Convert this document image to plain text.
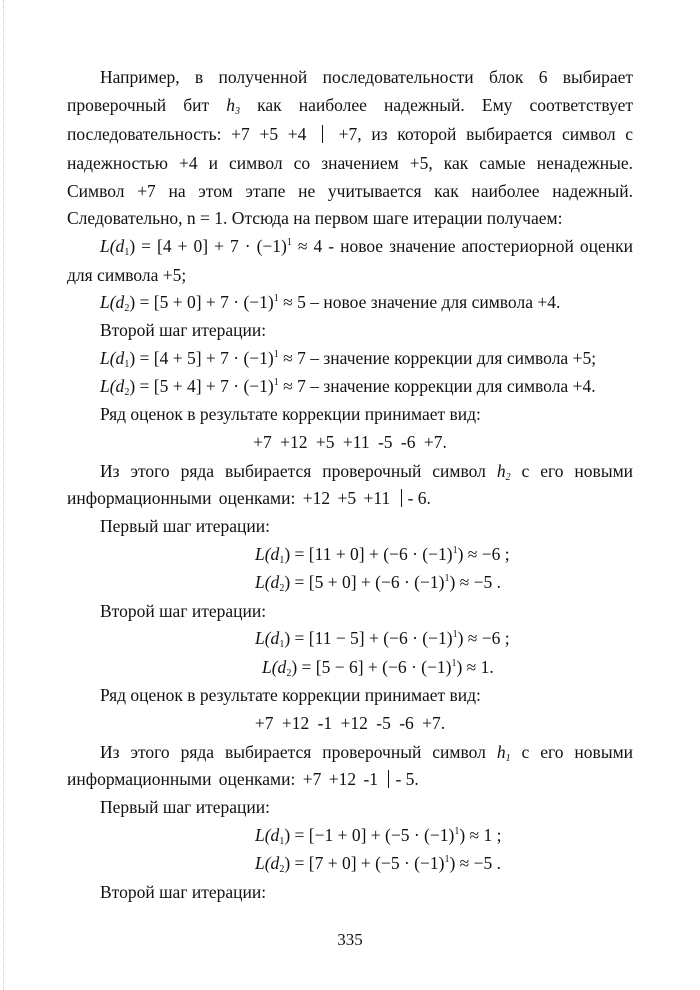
Например, в полученной последовательности блок 6 выбирает
проверочный бит $h_3$ как наиболее надежный. Ему соответствует
последовательность: +7 +5 +4 +7, из которой выбирается символ с
надежностью +4 и символ со значением +5, как самые ненадежные.
Символ +7 на этом этапе не учитывается как наиболее надежный.
Следовательно, n = 1. Отсюда на первом шаге итерации получаем:
$L(d_1) = [4 + 0] + 7 \cdot (-1)^1 \approx 4$ - новое значение апостериорной оценки
для символа +5;
$L(d_2) = [5 + 0] + 7 \cdot (-1)^1 \approx 5$ – новое значение для символа +4.
Второй шаг итерации:
$L(d_1) = [4 + 5] + 7 \cdot (-1)^1 \approx 7$ – значение коррекции для символа +5;
$L(d_2) = [5 + 4] + 7 \cdot (-1)^1 \approx 7$ – значение коррекции для символа +4.
Ряд оценок в результате коррекции принимает вид:
+7 +12 +5 +11 -5 -6 +7.
Из этого ряда выбирается проверочный символ $h_2$ с его новыми
информационными оценками: +12 +5 +11 - 6.
Первый шаг итерации:
$L(d_1) = [11 + 0] + (-6 \cdot (-1)^1) \approx -6$ ;
$L(d_2) = [5 + 0] + (-6 \cdot (-1)^1) \approx -5$ .
Второй шаг итерации:
$L(d_1) = [11 - 5] + (-6 \cdot (-1)^1) \approx -6$ ;
$L(d_2) = [5 - 6] + (-6 \cdot (-1)^1) \approx 1$.
Ряд оценок в результате коррекции принимает вид:
+7 +12 -1 +12 -5 -6 +7.
Из этого ряда выбирается проверочный символ $h_1$ с его новыми
информационными оценками: +7 +12 -1 - 5.
Первый шаг итерации:
$L(d_1) = [-1 + 0] + (-5 \cdot (-1)^1) \approx 1$ ;
$L(d_2) = [7 + 0] + (-5 \cdot (-1)^1) \approx -5$ .
Второй шаг итерации:
335
